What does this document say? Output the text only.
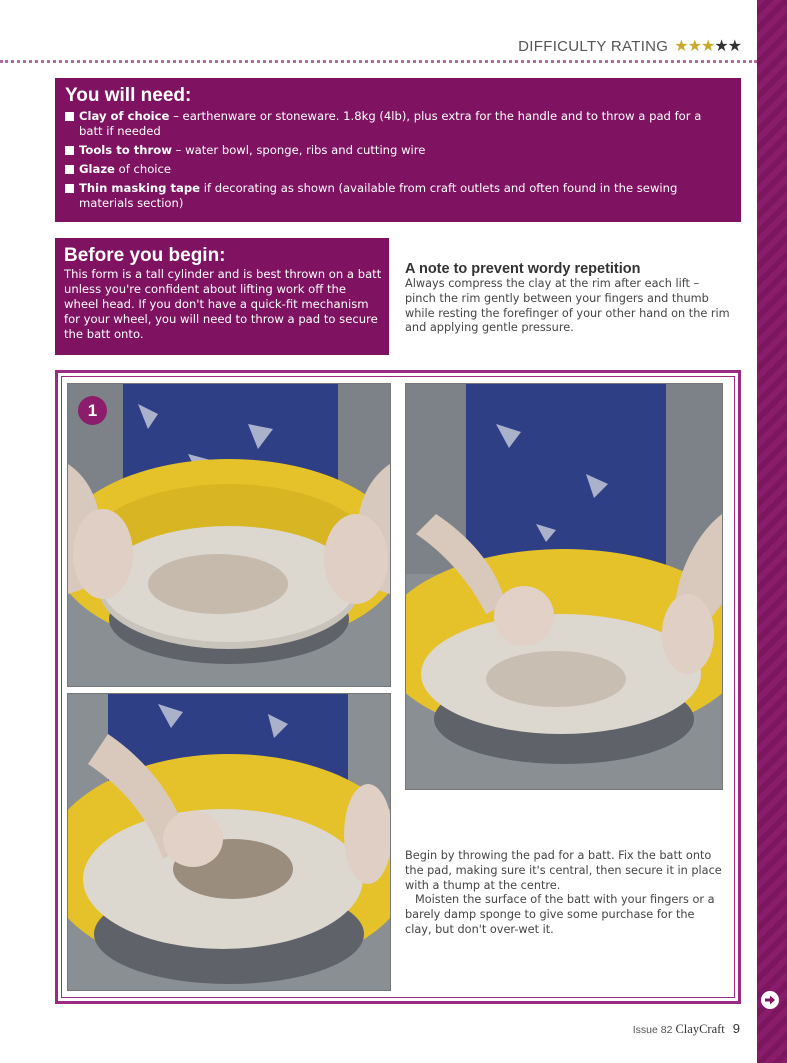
DIFFICULTY RATING ★★★★★
You will need:
Clay of choice – earthenware or stoneware. 1.8kg (4lb), plus extra for the handle and to throw a pad for a batt if needed
Tools to throw – water bowl, sponge, ribs and cutting wire
Glaze of choice
Thin masking tape if decorating as shown (available from craft outlets and often found in the sewing materials section)
Before you begin:

This form is a tall cylinder and is best thrown on a batt unless you're confident about lifting work off the wheel head. If you don't have a quick-fit mechanism for your wheel, you will need to throw a pad to secure the batt onto.

A note to prevent wordy repetition

Always compress the clay at the rim after each lift – pinch the rim gently between your fingers and thumb while resting the forefinger of your other hand on the rim and applying gentle pressure.

1

Begin by throwing the pad for a batt. Fix the batt onto the pad, making sure it's central, then secure it in place with a thump at the centre.
Moisten the surface of the batt with your fingers or a barely damp sponge to give some purchase for the clay, but don't over-wet it.

Issue 82 ClayCraft 9
